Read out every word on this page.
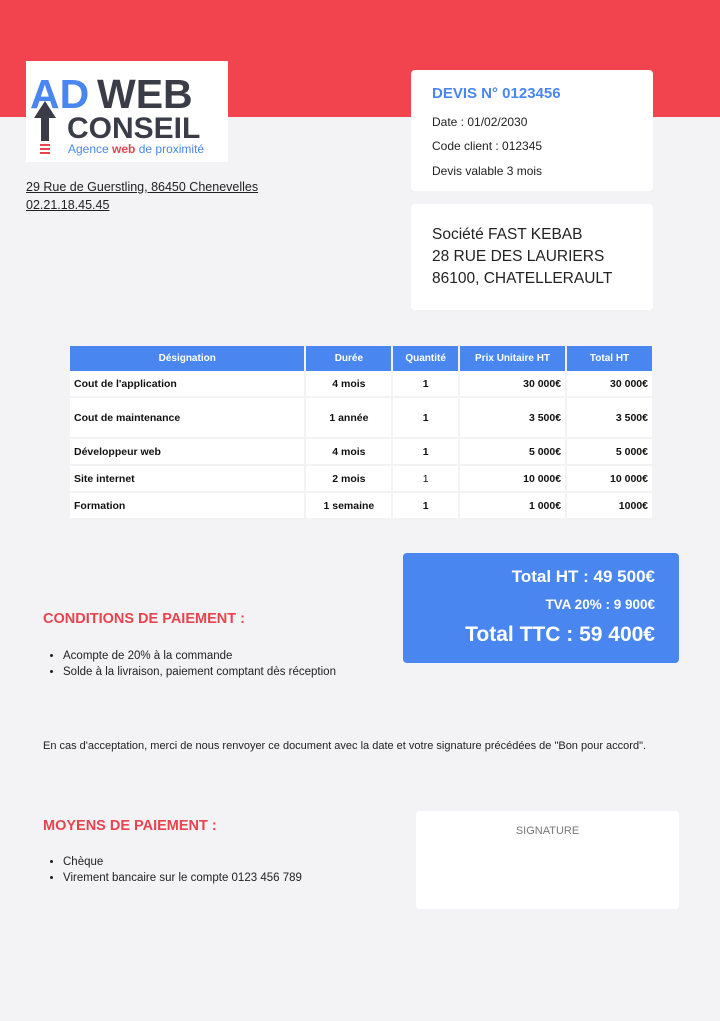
AD WEB
CONSEIL
Agence web de proximité
29 Rue de Guerstling, 86450 Chenevelles
02.21.18.45.45
DEVIS N° 0123456
Date : 01/02/2030
Code client : 012345
Devis valable 3 mois
Société FAST KEBAB
28 RUE DES LAURIERS
86100, CHATELLERAULT
Désignation	Durée	Quantité	Prix Unitaire HT	Total HT
Cout de l'application	4 mois	1	30 000€	30 000€
Cout de maintenance	1 année	1	3 500€	3 500€
Développeur web	4 mois	1	5 000€	5 000€
Site internet	2 mois	1	10 000€	10 000€
Formation	1 semaine	1	1 000€	1000€
Total HT : 49 500€
TVA 20% : 9 900€
Total TTC : 59 400€
CONDITIONS DE PAIEMENT :
• Acompte de 20% à la commande
• Solde à la livraison, paiement comptant dès réception
En cas d'acceptation, merci de nous renvoyer ce document avec la date et votre signature précédées de "Bon pour accord".
MOYENS DE PAIEMENT :
• Chèque
• Virement bancaire sur le compte 0123 456 789
SIGNATURE
